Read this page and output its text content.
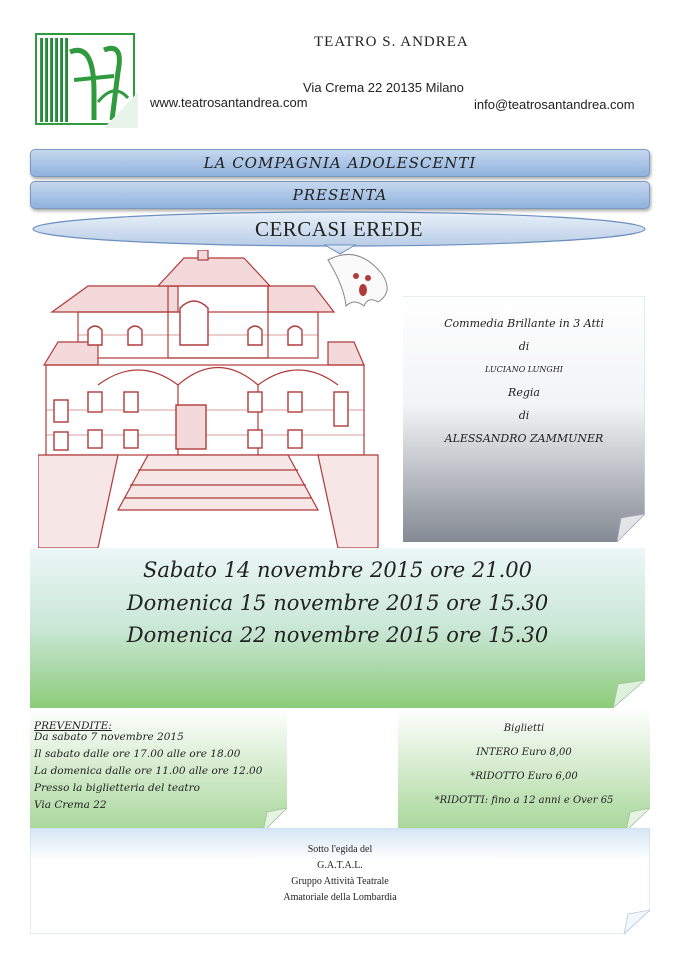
tsa
TEATRO S. ANDREA
Via Crema 22 20135 Milano
www.teatrosantandrea.com	info@teatrosantandrea.com
LA COMPAGNIA ADOLESCENTI
PRESENTA
CERCASI EREDE
Commedia Brillante in 3 Atti
di
LUCIANO LUNGHI
Regia
di
ALESSANDRO ZAMMUNER
Sabato 14 novembre 2015 ore 21.00
Domenica 15 novembre 2015 ore 15.30
Domenica 22 novembre 2015 ore 15.30
PREVENDITE:
Da sabato 7 novembre 2015
Il sabato dalle ore 17.00 alle ore 18.00
La domenica dalle ore 11.00 alle ore 12.00
Presso la biglietteria del teatro
Via Crema 22
Biglietti
INTERO Euro 8,00
*RIDOTTO Euro 6,00
*RIDOTTI: fino a 12 anni e Over 65
Sotto l'egida del
G.A.T.A.L.
Gruppo Attività Teatrale
Amatoriale della Lombardia
